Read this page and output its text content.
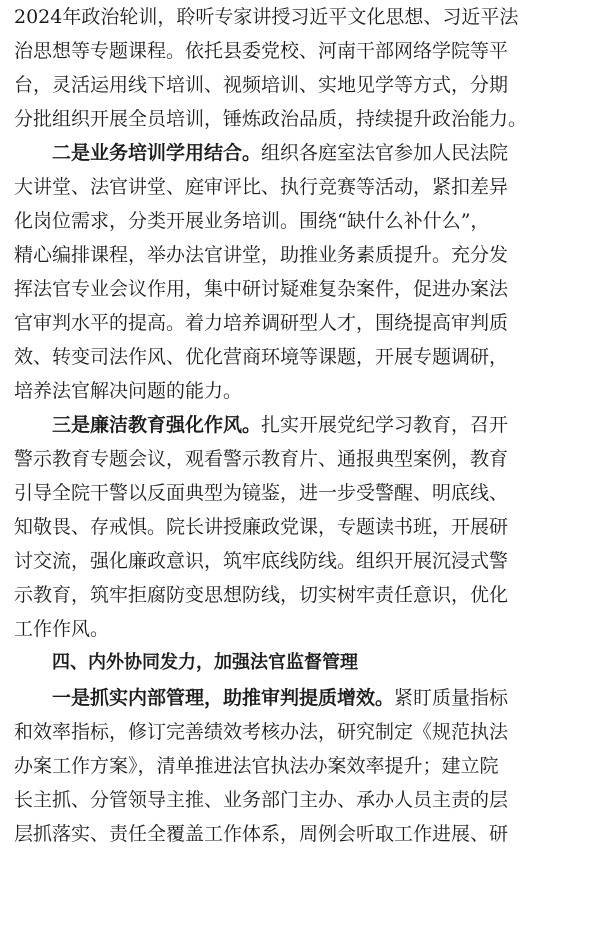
2024年政治轮训，聆听专家讲授习近平文化思想、习近平法
治思想等专题课程。依托县委党校、河南干部网络学院等平
台，灵活运用线下培训、视频培训、实地见学等方式，分期
分批组织开展全员培训，锤炼政治品质，持续提升政治能力。
二是业务培训学用结合。组织各庭室法官参加人民法院
大讲堂、法官讲堂、庭审评比、执行竞赛等活动，紧扣差异
化岗位需求，分类开展业务培训。围绕“缺什么补什么”，
精心编排课程，举办法官讲堂，助推业务素质提升。充分发
挥法官专业会议作用，集中研讨疑难复杂案件，促进办案法
官审判水平的提高。着力培养调研型人才，围绕提高审判质
效、转变司法作风、优化营商环境等课题，开展专题调研，
培养法官解决问题的能力。
三是廉洁教育强化作风。扎实开展党纪学习教育，召开
警示教育专题会议，观看警示教育片、通报典型案例，教育
引导全院干警以反面典型为镜鉴，进一步受警醒、明底线、
知敬畏、存戒惧。院长讲授廉政党课，专题读书班，开展研
讨交流，强化廉政意识，筑牢底线防线。组织开展沉浸式警
示教育，筑牢拒腐防变思想防线，切实树牢责任意识，优化
工作作风。
四、内外协同发力，加强法官监督管理
一是抓实内部管理，助推审判提质增效。紧盯质量指标
和效率指标，修订完善绩效考核办法，研究制定《规范执法
办案工作方案》，清单推进法官执法办案效率提升；建立院
长主抓、分管领导主推、业务部门主办、承办人员主责的层
层抓落实、责任全覆盖工作体系，周例会听取工作进展、研
